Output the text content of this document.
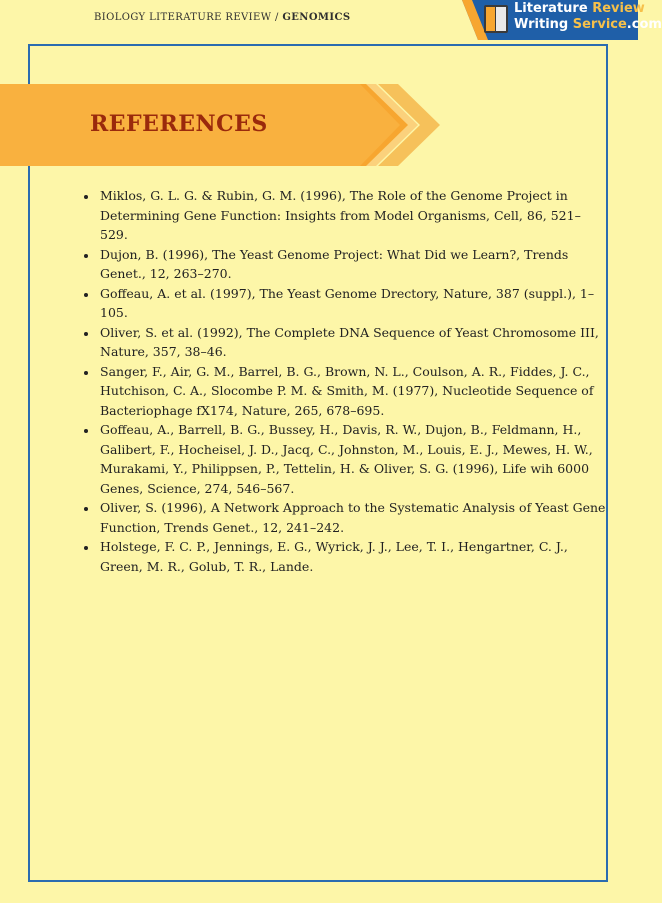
BIOLOGY LITERATURE REVIEW / GENOMICS
Literature Review
Writing Service.com
REFERENCES
• Miklos, G. L. G. & Rubin, G. M. (1996), The Role of the Genome Project in Determining Gene Function: Insights from Model Organisms, Cell, 86, 521–529.
• Dujon, B. (1996), The Yeast Genome Project: What Did we Learn?, Trends Genet., 12, 263–270.
• Goffeau, A. et al. (1997), The Yeast Genome Drectory, Nature, 387 (suppl.), 1–105.
• Oliver, S. et al. (1992), The Complete DNA Sequence of Yeast Chromosome III, Nature, 357, 38–46.
• Sanger, F., Air, G. M., Barrel, B. G., Brown, N. L., Coulson, A. R., Fiddes, J. C., Hutchison, C. A., Slocombe P. M. & Smith, M. (1977), Nucleotide Sequence of Bacteriophage fX174, Nature, 265, 678–695.
• Goffeau, A., Barrell, B. G., Bussey, H., Davis, R. W., Dujon, B., Feldmann, H., Galibert, F., Hocheisel, J. D., Jacq, C., Johnston, M., Louis, E. J., Mewes, H. W., Murakami, Y., Philippsen, P., Tettelin, H. & Oliver, S. G. (1996), Life wih 6000 Genes, Science, 274, 546–567.
• Oliver, S. (1996), A Network Approach to the Systematic Analysis of Yeast Gene Function, Trends Genet., 12, 241–242.
• Holstege, F. C. P., Jennings, E. G., Wyrick, J. J., Lee, T. I., Hengartner, C. J., Green, M. R., Golub, T. R., Lande.
